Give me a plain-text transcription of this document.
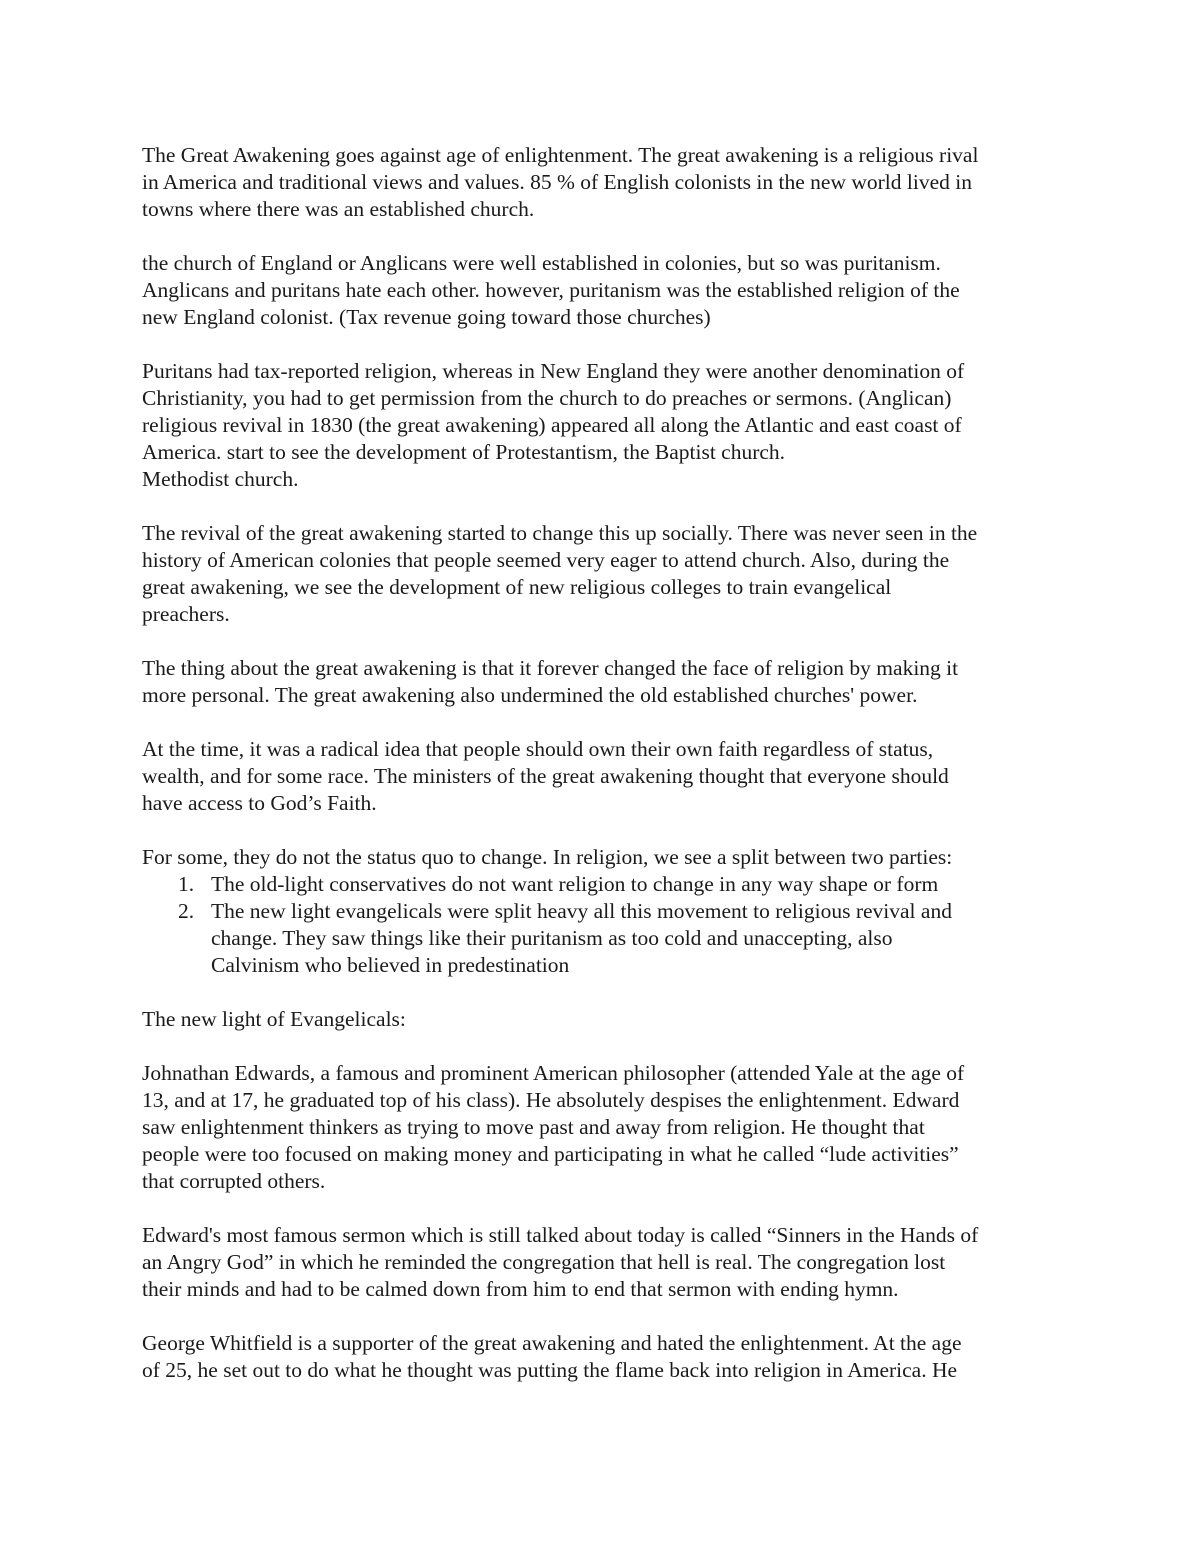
The Great Awakening goes against age of enlightenment. The great awakening is a religious rival
in America and traditional views and values. 85 % of English colonists in the new world lived in
towns where there was an established church.

the church of England or Anglicans were well established in colonies, but so was puritanism.
Anglicans and puritans hate each other. however, puritanism was the established religion of the
new England colonist. (Tax revenue going toward those churches)

Puritans had tax-reported religion, whereas in New England they were another denomination of
Christianity, you had to get permission from the church to do preaches or sermons. (Anglican)
religious revival in 1830 (the great awakening) appeared all along the Atlantic and east coast of
America. start to see the development of Protestantism, the Baptist church.
Methodist church.

The revival of the great awakening started to change this up socially. There was never seen in the
history of American colonies that people seemed very eager to attend church. Also, during the
great awakening, we see the development of new religious colleges to train evangelical
preachers.

The thing about the great awakening is that it forever changed the face of religion by making it
more personal. The great awakening also undermined the old established churches' power.

At the time, it was a radical idea that people should own their own faith regardless of status,
wealth, and for some race. The ministers of the great awakening thought that everyone should
have access to God’s Faith.

For some, they do not the status quo to change. In religion, we see a split between two parties:

1. The old-light conservatives do not want religion to change in any way shape or form
2. The new light evangelicals were split heavy all this movement to religious revival and
change. They saw things like their puritanism as too cold and unaccepting, also
Calvinism who believed in predestination

The new light of Evangelicals:

Johnathan Edwards, a famous and prominent American philosopher (attended Yale at the age of
13, and at 17, he graduated top of his class). He absolutely despises the enlightenment. Edward
saw enlightenment thinkers as trying to move past and away from religion. He thought that
people were too focused on making money and participating in what he called “lude activities”
that corrupted others.

Edward's most famous sermon which is still talked about today is called “Sinners in the Hands of
an Angry God” in which he reminded the congregation that hell is real. The congregation lost
their minds and had to be calmed down from him to end that sermon with ending hymn.

George Whitfield is a supporter of the great awakening and hated the enlightenment. At the age
of 25, he set out to do what he thought was putting the flame back into religion in America. He
